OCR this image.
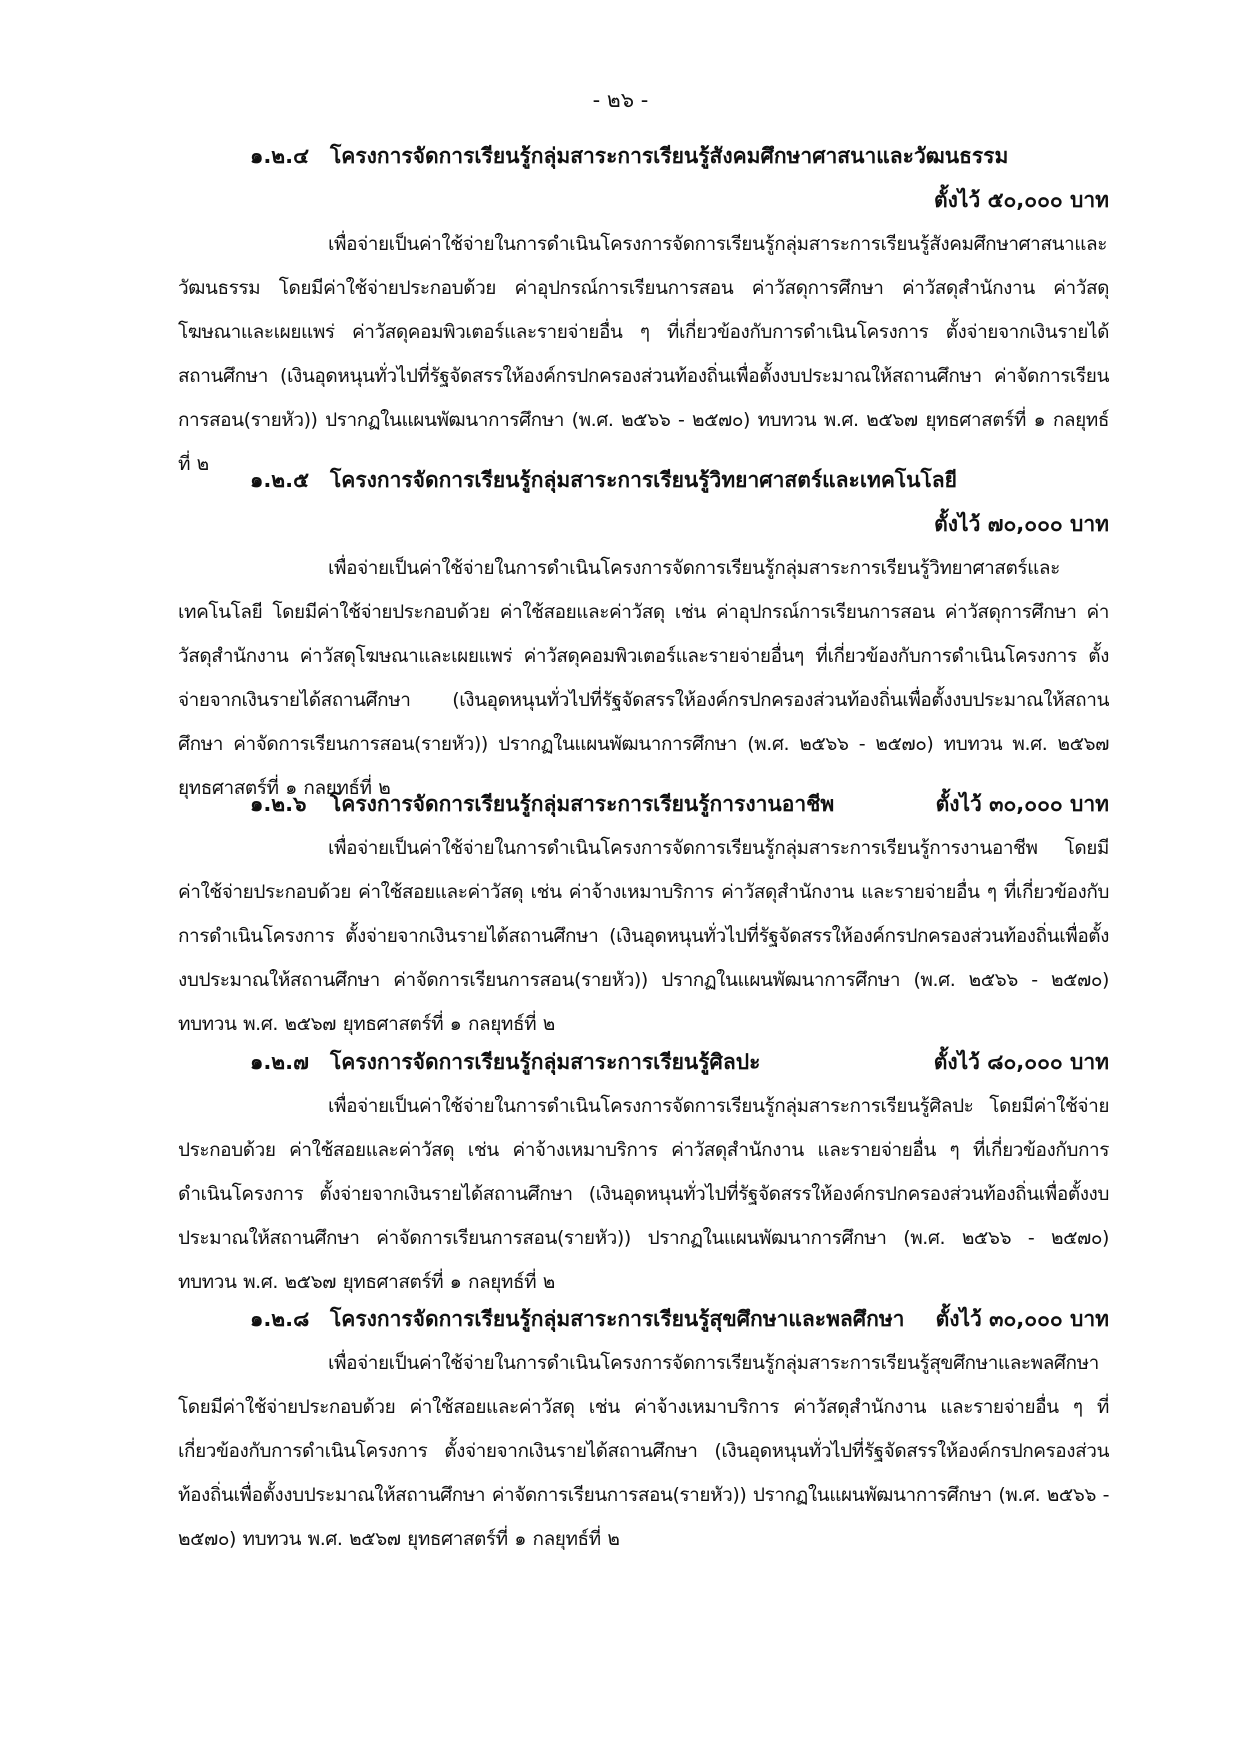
- ๒๖ -
๑.๒.๔ โครงการจัดการเรียนรู้กลุ่มสาระการเรียนรู้สังคมศึกษาศาสนาและวัฒนธรรม
ตั้งไว้ ๕๐,๐๐๐ บาท

เพื่อจ่ายเป็นค่าใช้จ่ายในการดำเนินโครงการจัดการเรียนรู้กลุ่มสาระการเรียนรู้สังคมศึกษาศาสนาและวัฒนธรรม โดยมีค่าใช้จ่ายประกอบด้วย ค่าอุปกรณ์การเรียนการสอน ค่าวัสดุการศึกษา ค่าวัสดุสำนักงาน ค่าวัสดุโฆษณาและเผยแพร่ ค่าวัสดุคอมพิวเตอร์และรายจ่ายอื่น ๆ ที่เกี่ยวข้องกับการดำเนินโครงการ ตั้งจ่ายจากเงินรายได้สถานศึกษา (เงินอุดหนุนทั่วไปที่รัฐจัดสรรให้องค์กรปกครองส่วนท้องถิ่นเพื่อตั้งงบประมาณให้สถานศึกษา ค่าจัดการเรียนการสอน(รายหัว)) ปรากฏในแผนพัฒนาการศึกษา (พ.ศ. ๒๕๖๖ - ๒๕๗๐) ทบทวน พ.ศ. ๒๕๖๗ ยุทธศาสตร์ที่ ๑ กลยุทธ์ที่ ๒

๑.๒.๕ โครงการจัดการเรียนรู้กลุ่มสาระการเรียนรู้วิทยาศาสตร์และเทคโนโลยี
ตั้งไว้ ๗๐,๐๐๐ บาท

เพื่อจ่ายเป็นค่าใช้จ่ายในการดำเนินโครงการจัดการเรียนรู้กลุ่มสาระการเรียนรู้วิทยาศาสตร์และเทคโนโลยี โดยมีค่าใช้จ่ายประกอบด้วย ค่าใช้สอยและค่าวัสดุ เช่น ค่าอุปกรณ์การเรียนการสอน ค่าวัสดุการศึกษา ค่าวัสดุสำนักงาน ค่าวัสดุโฆษณาและเผยแพร่ ค่าวัสดุคอมพิวเตอร์และรายจ่ายอื่นๆ ที่เกี่ยวข้องกับการดำเนินโครงการ ตั้งจ่ายจากเงินรายได้สถานศึกษา (เงินอุดหนุนทั่วไปที่รัฐจัดสรรให้องค์กรปกครองส่วนท้องถิ่นเพื่อตั้งงบประมาณให้สถานศึกษา ค่าจัดการเรียนการสอน(รายหัว)) ปรากฏในแผนพัฒนาการศึกษา (พ.ศ. ๒๕๖๖ - ๒๕๗๐) ทบทวน พ.ศ. ๒๕๖๗ ยุทธศาสตร์ที่ ๑ กลยุทธ์ที่ ๒

๑.๒.๖ โครงการจัดการเรียนรู้กลุ่มสาระการเรียนรู้การงานอาชีพ	ตั้งไว้ ๓๐,๐๐๐ บาท

เพื่อจ่ายเป็นค่าใช้จ่ายในการดำเนินโครงการจัดการเรียนรู้กลุ่มสาระการเรียนรู้การงานอาชีพ โดยมีค่าใช้จ่ายประกอบด้วย ค่าใช้สอยและค่าวัสดุ เช่น ค่าจ้างเหมาบริการ ค่าวัสดุสำนักงาน และรายจ่ายอื่น ๆ ที่เกี่ยวข้องกับการดำเนินโครงการ ตั้งจ่ายจากเงินรายได้สถานศึกษา (เงินอุดหนุนทั่วไปที่รัฐจัดสรรให้องค์กรปกครองส่วนท้องถิ่นเพื่อตั้งงบประมาณให้สถานศึกษา ค่าจัดการเรียนการสอน(รายหัว)) ปรากฏในแผนพัฒนาการศึกษา (พ.ศ. ๒๕๖๖ - ๒๕๗๐) ทบทวน พ.ศ. ๒๕๖๗ ยุทธศาสตร์ที่ ๑ กลยุทธ์ที่ ๒

๑.๒.๗ โครงการจัดการเรียนรู้กลุ่มสาระการเรียนรู้ศิลปะ	ตั้งไว้ ๘๐,๐๐๐ บาท

เพื่อจ่ายเป็นค่าใช้จ่ายในการดำเนินโครงการจัดการเรียนรู้กลุ่มสาระการเรียนรู้ศิลปะ โดยมีค่าใช้จ่ายประกอบด้วย ค่าใช้สอยและค่าวัสดุ เช่น ค่าจ้างเหมาบริการ ค่าวัสดุสำนักงาน และรายจ่ายอื่น ๆ ที่เกี่ยวข้องกับการดำเนินโครงการ ตั้งจ่ายจากเงินรายได้สถานศึกษา (เงินอุดหนุนทั่วไปที่รัฐจัดสรรให้องค์กรปกครองส่วนท้องถิ่นเพื่อตั้งงบประมาณให้สถานศึกษา ค่าจัดการเรียนการสอน(รายหัว)) ปรากฏในแผนพัฒนาการศึกษา (พ.ศ. ๒๕๖๖ - ๒๕๗๐) ทบทวน พ.ศ. ๒๕๖๗ ยุทธศาสตร์ที่ ๑ กลยุทธ์ที่ ๒

๑.๒.๘ โครงการจัดการเรียนรู้กลุ่มสาระการเรียนรู้สุขศึกษาและพลศึกษา ตั้งไว้ ๓๐,๐๐๐ บาท

เพื่อจ่ายเป็นค่าใช้จ่ายในการดำเนินโครงการจัดการเรียนรู้กลุ่มสาระการเรียนรู้สุขศึกษาและพลศึกษา โดยมีค่าใช้จ่ายประกอบด้วย ค่าใช้สอยและค่าวัสดุ เช่น ค่าจ้างเหมาบริการ ค่าวัสดุสำนักงาน และรายจ่ายอื่น ๆ ที่เกี่ยวข้องกับการดำเนินโครงการ ตั้งจ่ายจากเงินรายได้สถานศึกษา (เงินอุดหนุนทั่วไปที่รัฐจัดสรรให้องค์กรปกครองส่วนท้องถิ่นเพื่อตั้งงบประมาณให้สถานศึกษา ค่าจัดการเรียนการสอน(รายหัว)) ปรากฏในแผนพัฒนาการศึกษา (พ.ศ. ๒๕๖๖ - ๒๕๗๐) ทบทวน พ.ศ. ๒๕๖๗ ยุทธศาสตร์ที่ ๑ กลยุทธ์ที่ ๒
